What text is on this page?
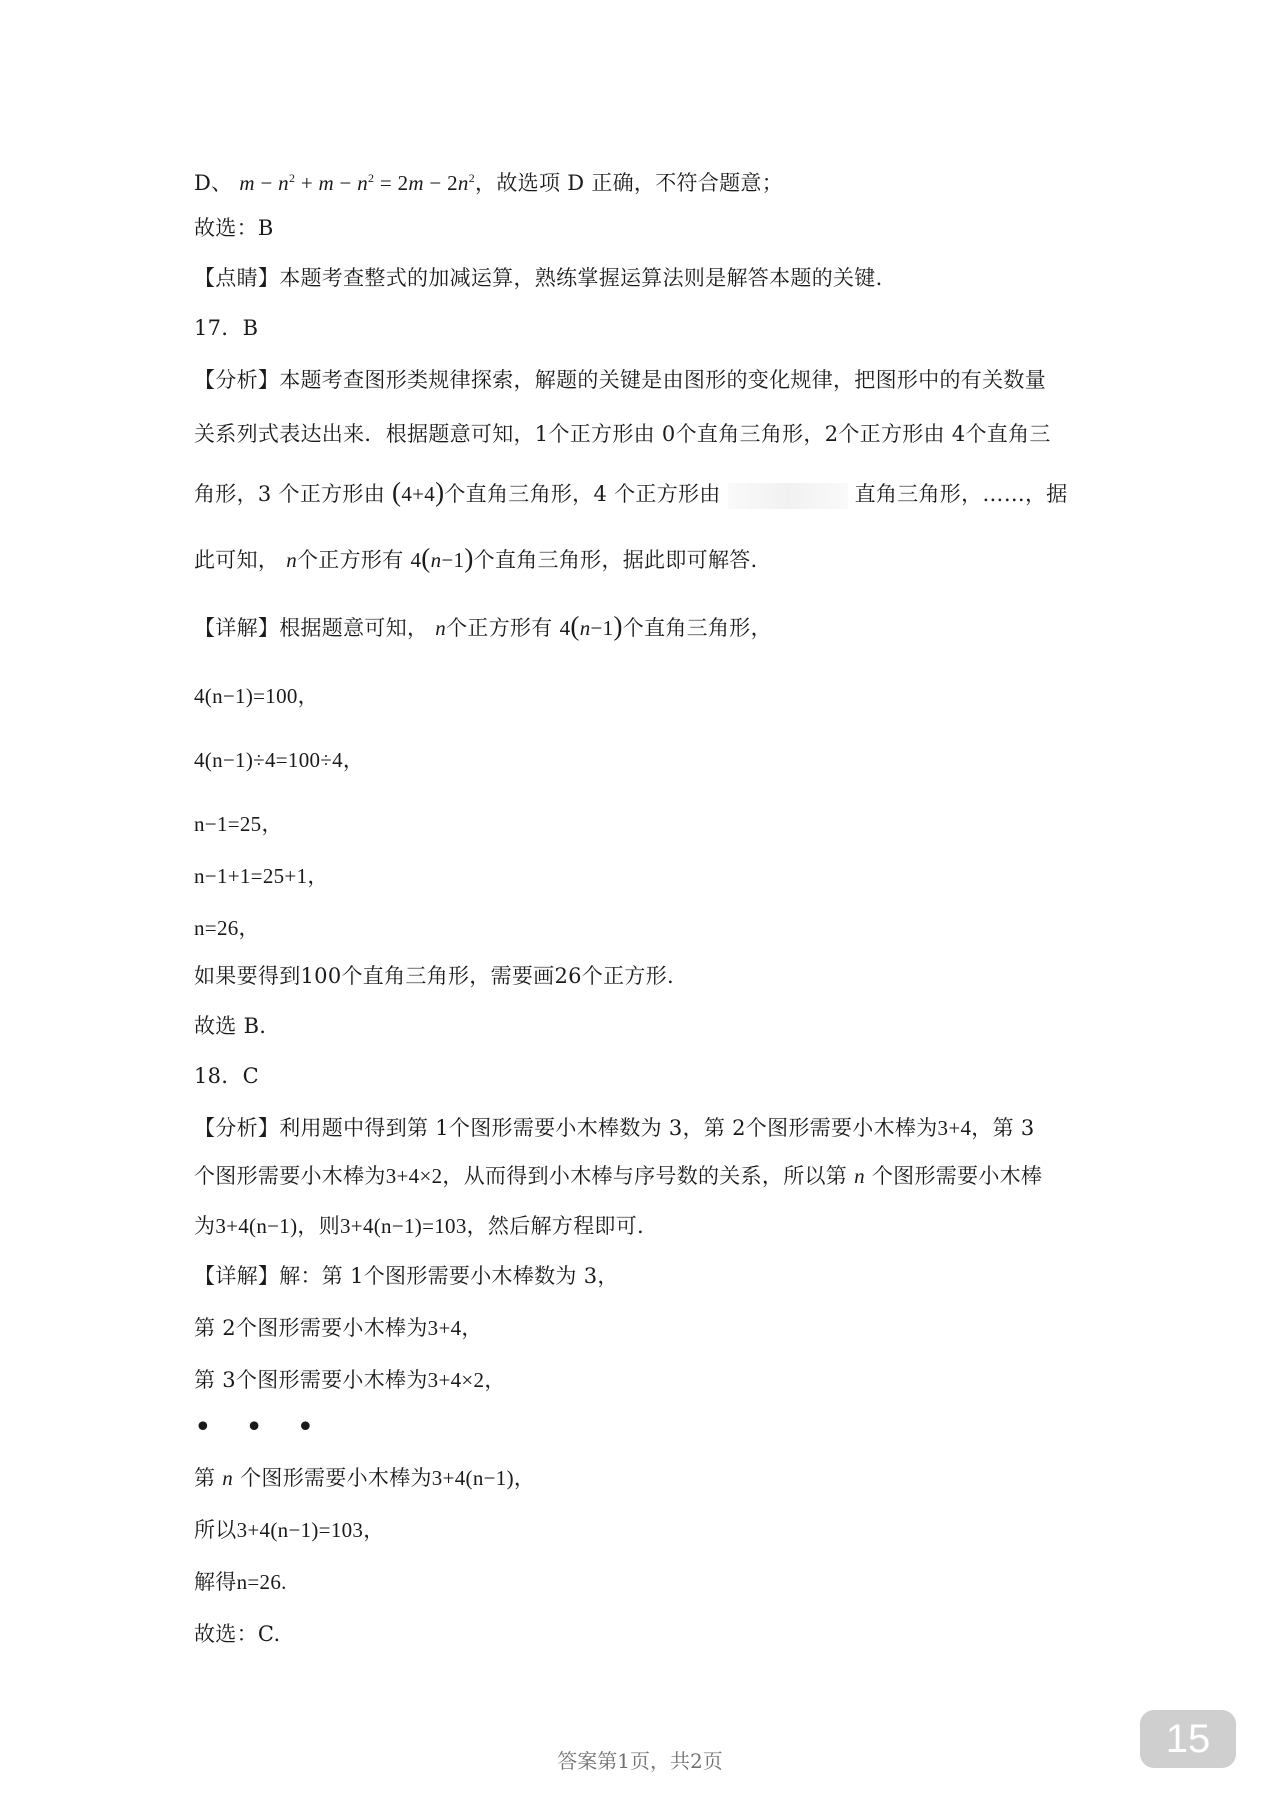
D、 $m - n^2 + m - n^2 = 2m - 2n^2$，故选项 D 正确，不符合题意；
故选：B
【点睛】本题考查整式的加减运算，熟练掌握运算法则是解答本题的关键.
17．B
【分析】本题考查图形类规律探索，解题的关键是由图形的变化规律，把图形中的有关数量
关系列式表达出来．根据题意可知，1个正方形由 0个直角三角形，2个正方形由 4个直角三
角形，3 个正方形由 (4+4)个直角三角形，4 个正方形由	直角三角形，……，据
此可知， n个正方形有 4(n−1)个直角三角形，据此即可解答.
【详解】根据题意可知， n个正方形有 4(n−1)个直角三角形，
4(n−1)=100，
4(n−1)÷4=100÷4，
n−1=25，
n−1+1=25+1，
n=26，
如果要得到100个直角三角形，需要画26个正方形.
故选 B.
18．C
【分析】利用题中得到第 1个图形需要小木棒数为 3，第 2个图形需要小木棒为3+4，第 3
个图形需要小木棒为3+4×2，从而得到小木棒与序号数的关系，所以第 n 个图形需要小木棒
为3+4(n−1)，则3+4(n−1)=103，然后解方程即可.
【详解】解：第 1个图形需要小木棒数为 3，
第 2个图形需要小木棒为3+4，
第 3个图形需要小木棒为3+4×2，
• • •
第 n 个图形需要小木棒为3+4(n−1)，
所以3+4(n−1)=103，
解得n=26.
故选：C.
答案第1页，共2页
15
